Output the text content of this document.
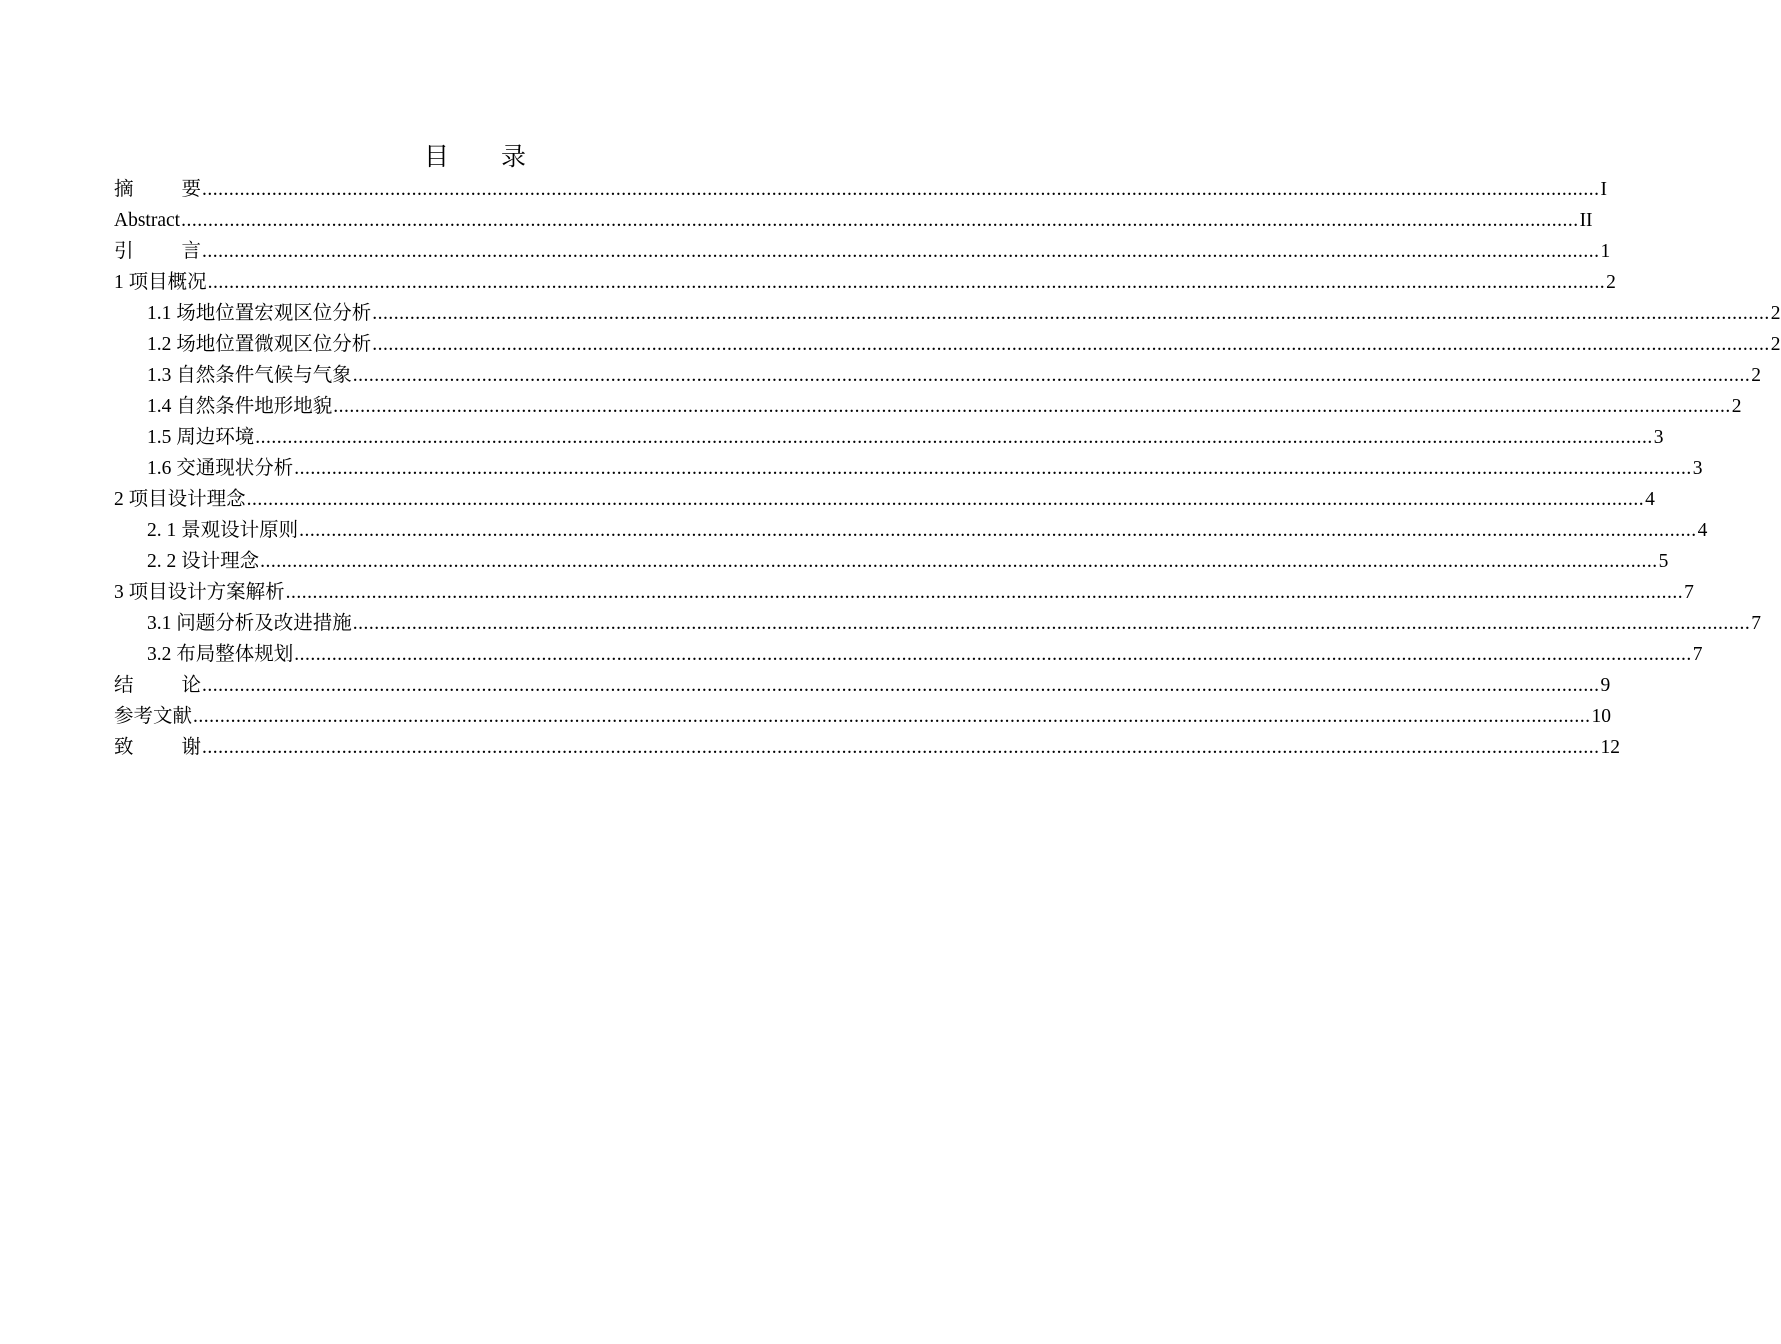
目 录
摘 要 .................................................................................................................................................................................................................................................................... I
Abstract .................................................................................................................................................................................................................................................................... II
引 言 .................................................................................................................................................................................................................................................................... 1
1 项目概况 .................................................................................................................................................................................................................................................................... 2
1.1 场地位置宏观区位分析 .................................................................................................................................................................................................................................................................... 2
1.2 场地位置微观区位分析 .................................................................................................................................................................................................................................................................... 2
1.3 自然条件气候与气象 .................................................................................................................................................................................................................................................................... 2
1.4 自然条件地形地貌 .................................................................................................................................................................................................................................................................... 2
1.5 周边环境 .................................................................................................................................................................................................................................................................... 3
1.6 交通现状分析 .................................................................................................................................................................................................................................................................... 3
2 项目设计理念 .................................................................................................................................................................................................................................................................... 4
2. 1 景观设计原则 .................................................................................................................................................................................................................................................................... 4
2. 2 设计理念 .................................................................................................................................................................................................................................................................... 5
3 项目设计方案解析 .................................................................................................................................................................................................................................................................... 7
3.1 问题分析及改进措施 .................................................................................................................................................................................................................................................................... 7
3.2 布局整体规划 .................................................................................................................................................................................................................................................................... 7
结 论 .................................................................................................................................................................................................................................................................... 9
参考文献 .................................................................................................................................................................................................................................................................... 10
致 谢 .................................................................................................................................................................................................................................................................... 12
